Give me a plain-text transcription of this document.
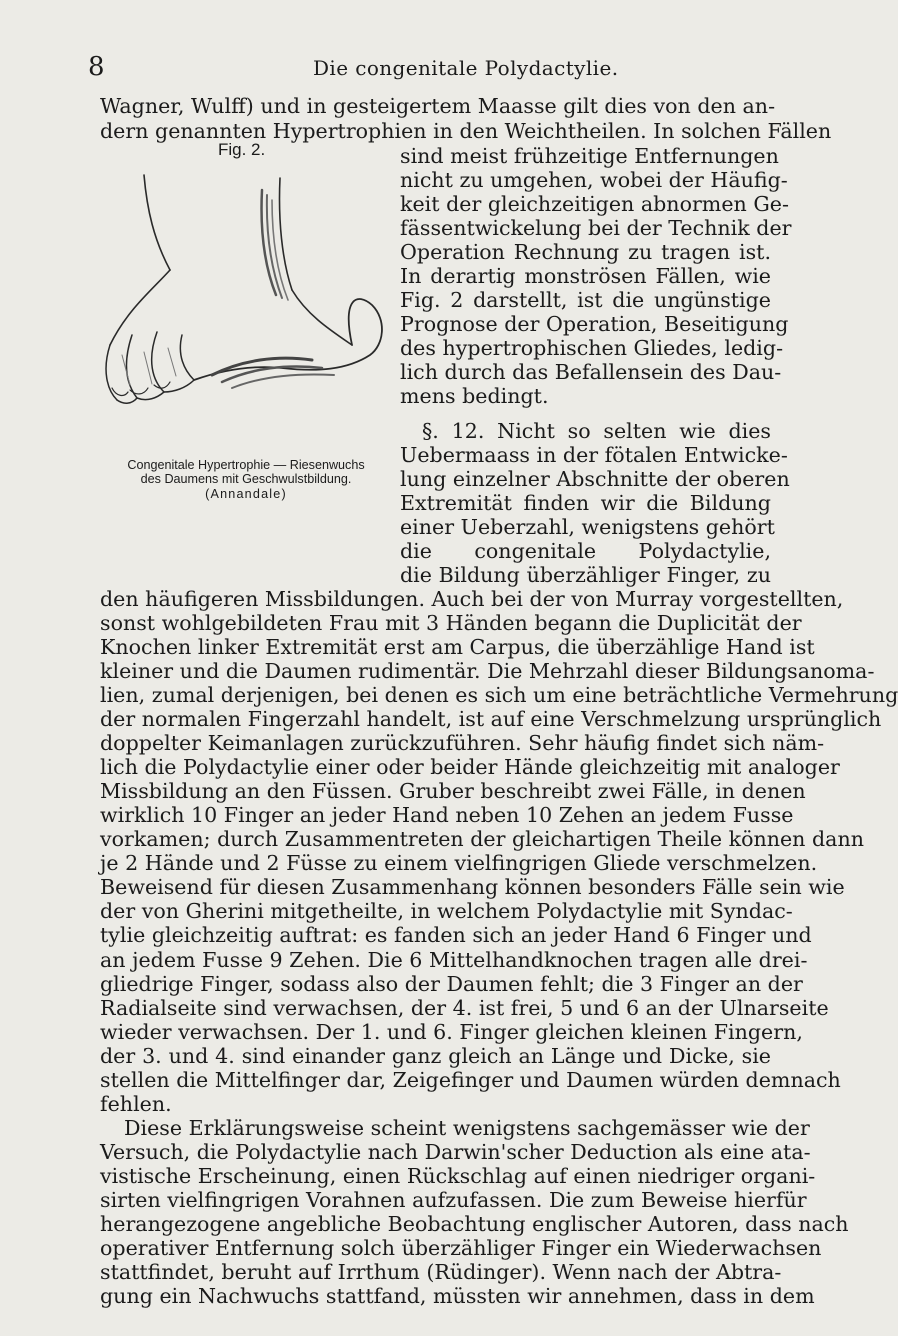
8	Die congenitale Polydactylie.
Fig. 2.
Congenitale Hypertrophie — Riesenwuchs
des Daumens mit Geschwulstbildung.
(Annandale)
Wagner, Wulff) und in gesteigertem Maasse gilt dies von den an-
dern genannten Hypertrophien in den Weichtheilen. In solchen Fällen
sind meist frühzeitige Entfernungen
nicht zu umgehen, wobei der Häufig-
keit der gleichzeitigen abnormen Ge-
fässentwickelung bei der Technik der
Operation Rechnung zu tragen ist.
In derartig monströsen Fällen, wie
Fig. 2 darstellt, ist die ungünstige
Prognose der Operation, Beseitigung
des hypertrophischen Gliedes, ledig-
lich durch das Befallensein des Dau-
mens bedingt.
§. 12. Nicht so selten wie dies
Uebermaass in der fötalen Entwicke-
lung einzelner Abschnitte der oberen
Extremität finden wir die Bildung
einer Ueberzahl, wenigstens gehört
die congenitale Polydactylie,
die Bildung überzähliger Finger, zu
den häufigeren Missbildungen. Auch bei der von Murray vorgestellten,
sonst wohlgebildeten Frau mit 3 Händen begann die Duplicität der
Knochen linker Extremität erst am Carpus, die überzählige Hand ist
kleiner und die Daumen rudimentär. Die Mehrzahl dieser Bildungsanoma-
lien, zumal derjenigen, bei denen es sich um eine beträchtliche Vermehrung
der normalen Fingerzahl handelt, ist auf eine Verschmelzung ursprünglich
doppelter Keimanlagen zurückzuführen. Sehr häufig findet sich näm-
lich die Polydactylie einer oder beider Hände gleichzeitig mit analoger
Missbildung an den Füssen. Gruber beschreibt zwei Fälle, in denen
wirklich 10 Finger an jeder Hand neben 10 Zehen an jedem Fusse
vorkamen; durch Zusammentreten der gleichartigen Theile können dann
je 2 Hände und 2 Füsse zu einem vielfingrigen Gliede verschmelzen.
Beweisend für diesen Zusammenhang können besonders Fälle sein wie
der von Gherini mitgetheilte, in welchem Polydactylie mit Syndac-
tylie gleichzeitig auftrat: es fanden sich an jeder Hand 6 Finger und
an jedem Fusse 9 Zehen. Die 6 Mittelhandknochen tragen alle drei-
gliedrige Finger, sodass also der Daumen fehlt; die 3 Finger an der
Radialseite sind verwachsen, der 4. ist frei, 5 und 6 an der Ulnarseite
wieder verwachsen. Der 1. und 6. Finger gleichen kleinen Fingern,
der 3. und 4. sind einander ganz gleich an Länge und Dicke, sie
stellen die Mittelfinger dar, Zeigefinger und Daumen würden demnach
fehlen.
Diese Erklärungsweise scheint wenigstens sachgemässer wie der
Versuch, die Polydactylie nach Darwin'scher Deduction als eine ata-
vistische Erscheinung, einen Rückschlag auf einen niedriger organi-
sirten vielfingrigen Vorahnen aufzufassen. Die zum Beweise hierfür
herangezogene angebliche Beobachtung englischer Autoren, dass nach
operativer Entfernung solch überzähliger Finger ein Wiederwachsen
stattfindet, beruht auf Irrthum (Rüdinger). Wenn nach der Abtra-
gung ein Nachwuchs stattfand, müssten wir annehmen, dass in dem
